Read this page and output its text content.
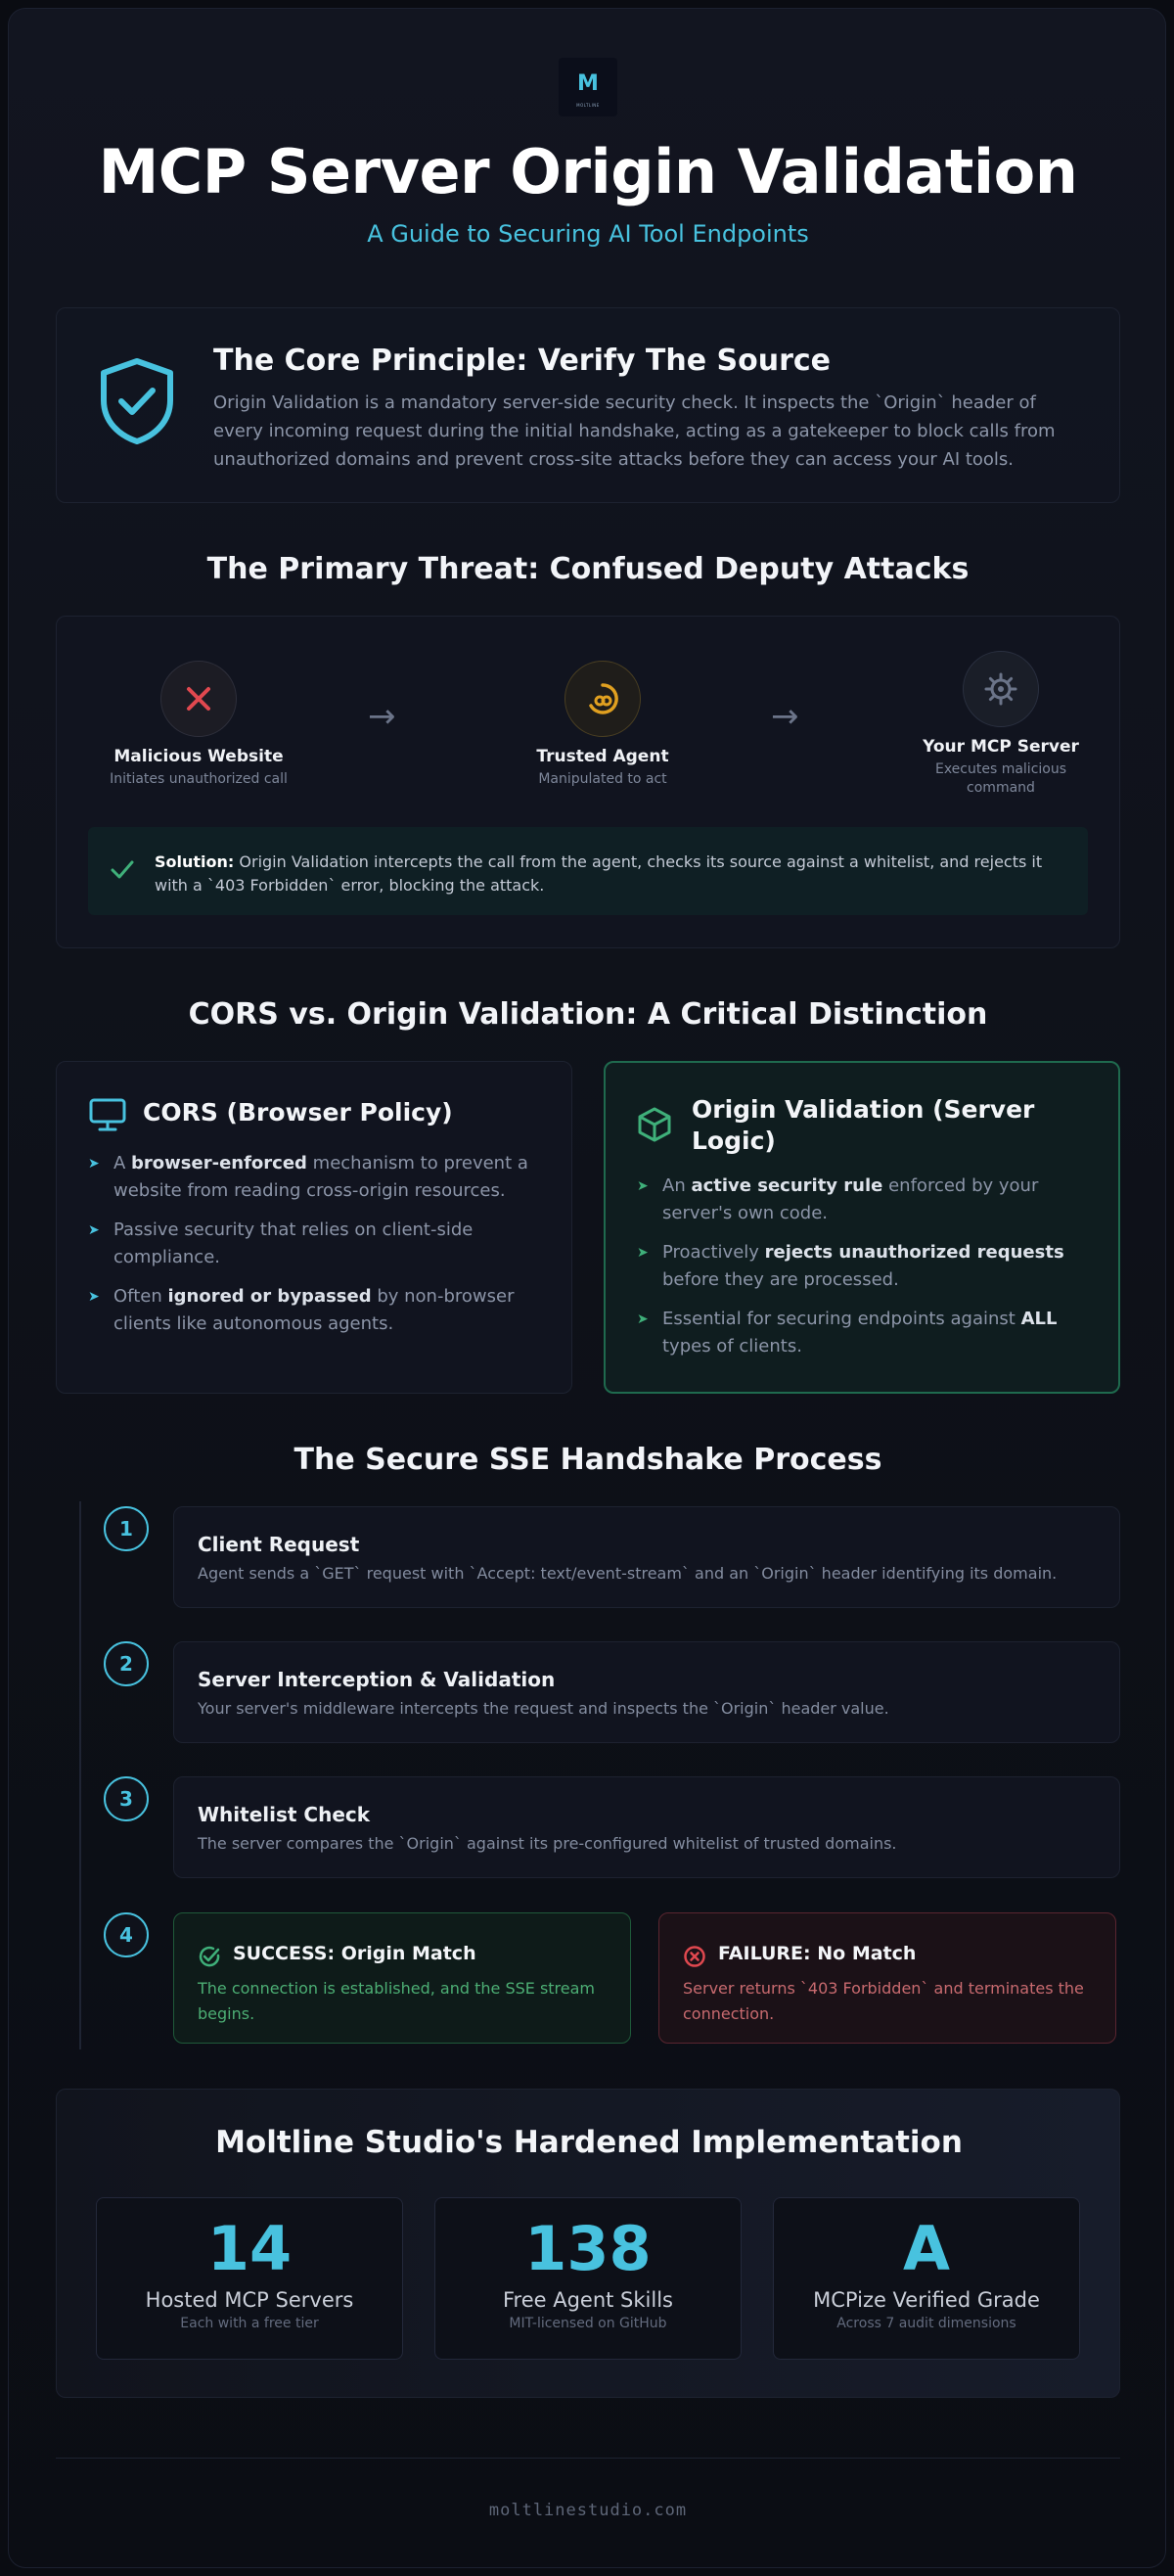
M
MOLTLINE
MCP Server Origin Validation
A Guide to Securing AI Tool Endpoints
The Core Principle: Verify The Source

Origin Validation is a mandatory server-side security check. It inspects the `Origin` header of every incoming request during the initial handshake, acting as a gatekeeper to block calls from unauthorized domains and prevent cross-site attacks before they can access your AI tools.

The Primary Threat: Confused Deputy Attacks
Malicious Website
Initiates unauthorized call
→
Trusted Agent
Manipulated to act
→
Your MCP Server
Executes malicious command

Solution: Origin Validation intercepts the call from the agent, checks its source against a whitelist, and rejects it with a `403 Forbidden` error, blocking the attack.

CORS vs. Origin Validation: A Critical Distinction
CORS (Browser Policy)
➤ A browser-enforced mechanism to prevent a website from reading cross-origin resources.
➤ Passive security that relies on client-side compliance.
➤ Often ignored or bypassed by non-browser clients like autonomous agents.
Origin Validation (Server Logic)
➤ An active security rule enforced by your server's own code.
➤ Proactively rejects unauthorized requests before they are processed.
➤ Essential for securing endpoints against ALL types of clients.
The Secure SSE Handshake Process
1
Client Request

Agent sends a `GET` request with `Accept: text/event-stream` and an `Origin` header identifying its domain.

2
Server Interception & Validation

Your server's middleware intercepts the request and inspects the `Origin` header value.

3
Whitelist Check

The server compares the `Origin` against its pre-configured whitelist of trusted domains.

4
SUCCESS: Origin Match

The connection is established, and the SSE stream begins.

FAILURE: No Match

Server returns `403 Forbidden` and terminates the connection.

Moltline Studio's Hardened Implementation
14
Hosted MCP Servers
Each with a free tier
138
Free Agent Skills
MIT-licensed on GitHub
A
MCPize Verified Grade
Across 7 audit dimensions
moltlinestudio.com
